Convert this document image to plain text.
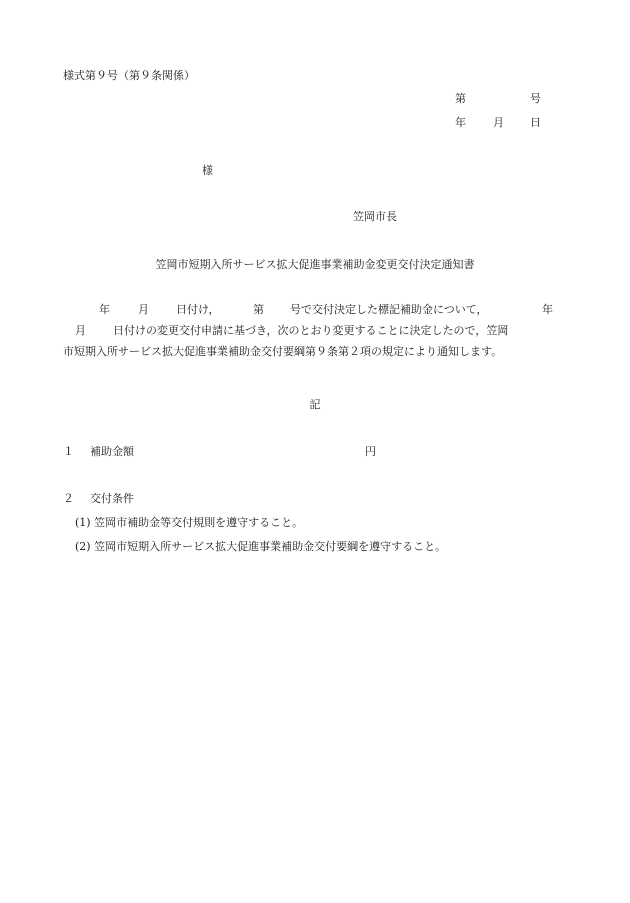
様式第９号（第９条関係）
第	号
年 月 日
様
笠岡市長
笠岡市短期入所サービス拡大促進事業補助金変更交付決定通知書
年	月 日付け，	第 号で交付決定した標記補助金について，	年
月 日付けの変更交付申請に基づき，次のとおり変更することに決定したので，笠岡
市短期入所サービス拡大促進事業補助金交付要綱第９条第２項の規定により通知します。
記
１ 補助金額	円
２ 交付条件
(1) 笠岡市補助金等交付規則を遵守すること。
(2) 笠岡市短期入所サービス拡大促進事業補助金交付要綱を遵守すること。
